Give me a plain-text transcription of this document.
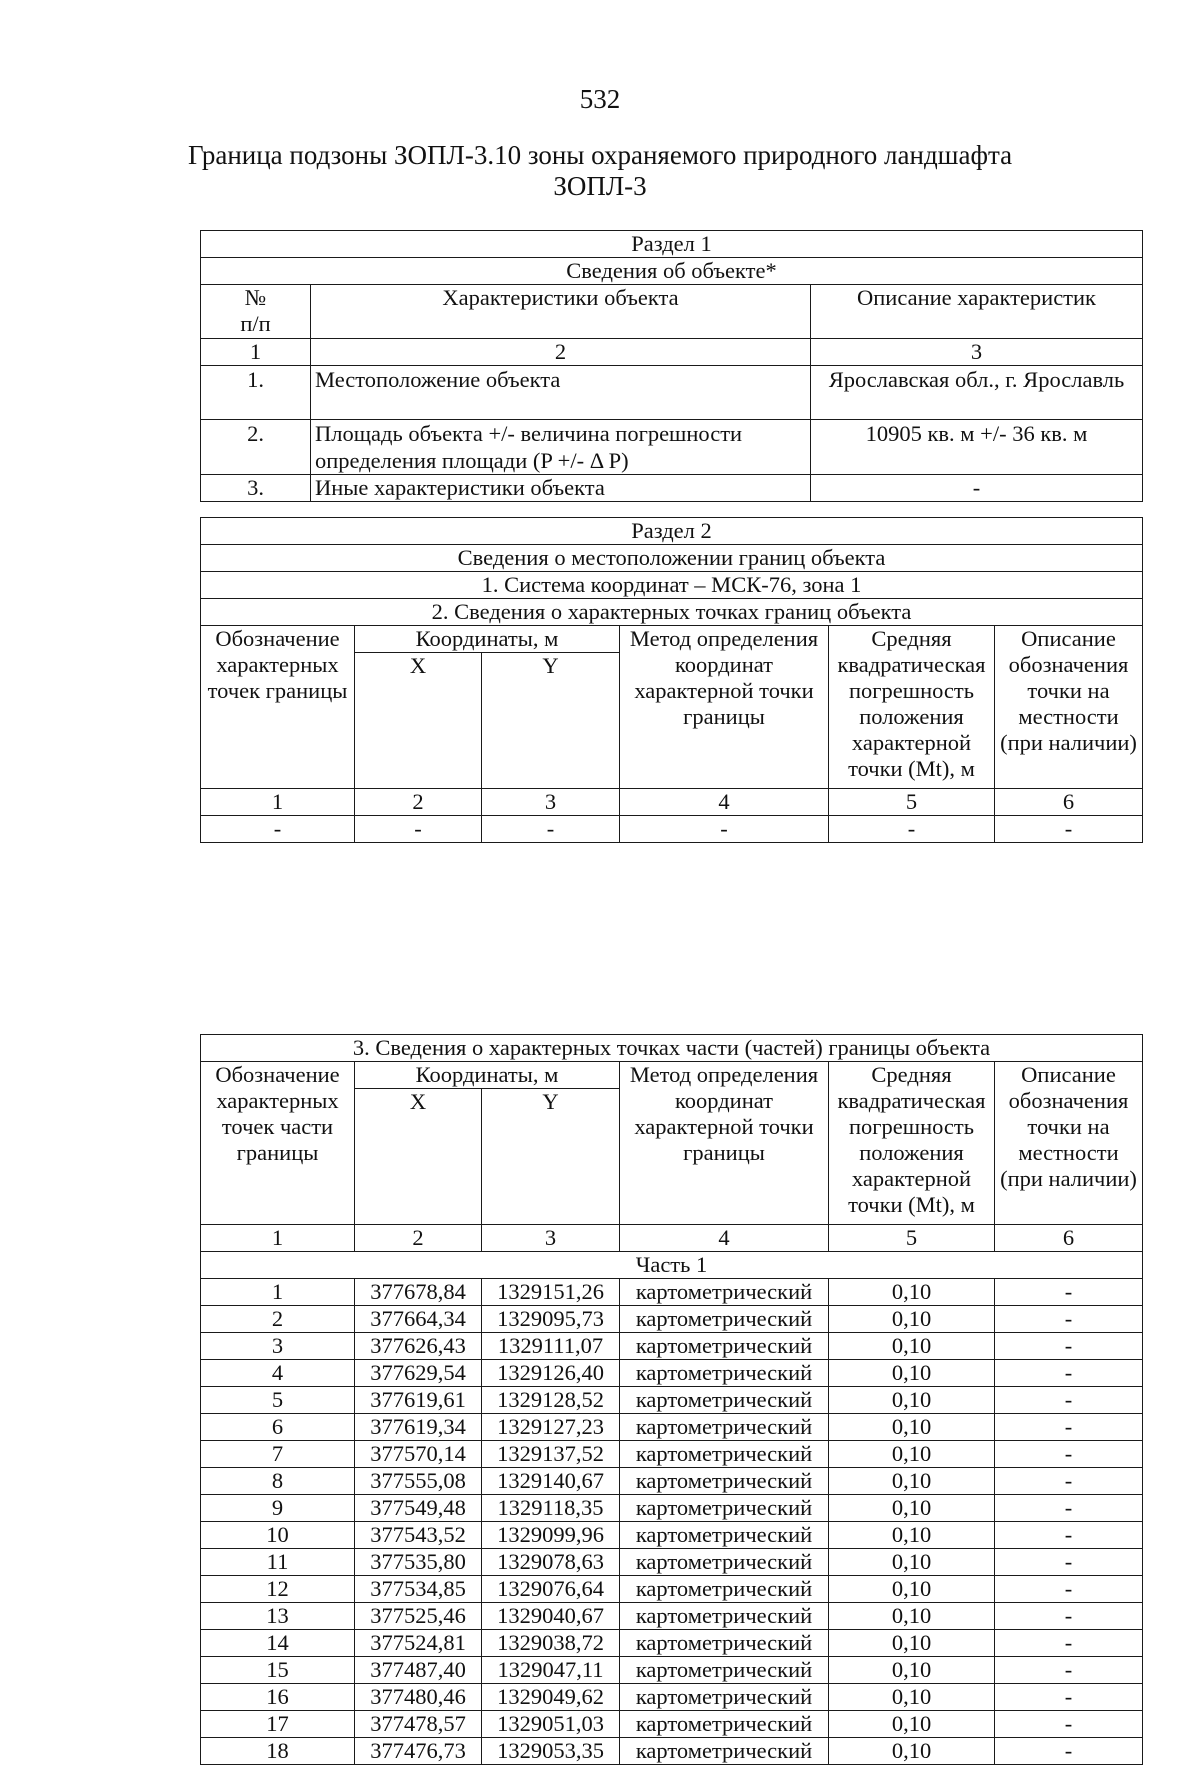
532
Граница подзоны ЗОПЛ-3.10 зоны охраняемого природного ландшафта
ЗОПЛ-3
Раздел 1		
Сведения об объекте*		
№
п/п	Характеристики объекта	Описание характеристик
1	2	3
1.	Местоположение объекта	Ярославская обл., г. Ярославль
2.	Площадь объекта +/- величина погрешности определения площади (P +/- Δ P)	10905 кв. м +/- 36 кв. м
3.	Иные характеристики объекта	-
Раздел 2					
Сведения о местоположении границ объекта					
1. Система координат – МСК-76, зона 1					
2. Сведения о характерных точках границ объекта					
Обозначение характерных точек границы	Координаты, м		Метод определения координат характерной точки границы	Средняя квадратическая погрешность положения характерной точки (Mt), м	Описание обозначения точки на местности (при наличии)
	X	Y			
1	2	3	4	5	6
-	-	-	-	-	-
3. Сведения о характерных точках части (частей) границы объекта					
Обозначение характерных точек части границы	Координаты, м		Метод определения координат характерной точки границы	Средняя квадратическая погрешность положения характерной точки (Mt), м	Описание обозначения точки на местности (при наличии)
	X	Y			
1	2	3	4	5	6
Часть 1					
1	377678,84	1329151,26	картометрический	0,10	-
2	377664,34	1329095,73	картометрический	0,10	-
3	377626,43	1329111,07	картометрический	0,10	-
4	377629,54	1329126,40	картометрический	0,10	-
5	377619,61	1329128,52	картометрический	0,10	-
6	377619,34	1329127,23	картометрический	0,10	-
7	377570,14	1329137,52	картометрический	0,10	-
8	377555,08	1329140,67	картометрический	0,10	-
9	377549,48	1329118,35	картометрический	0,10	-
10	377543,52	1329099,96	картометрический	0,10	-
11	377535,80	1329078,63	картометрический	0,10	-
12	377534,85	1329076,64	картометрический	0,10	-
13	377525,46	1329040,67	картометрический	0,10	-
14	377524,81	1329038,72	картометрический	0,10	-
15	377487,40	1329047,11	картометрический	0,10	-
16	377480,46	1329049,62	картометрический	0,10	-
17	377478,57	1329051,03	картометрический	0,10	-
18	377476,73	1329053,35	картометрический	0,10	-
